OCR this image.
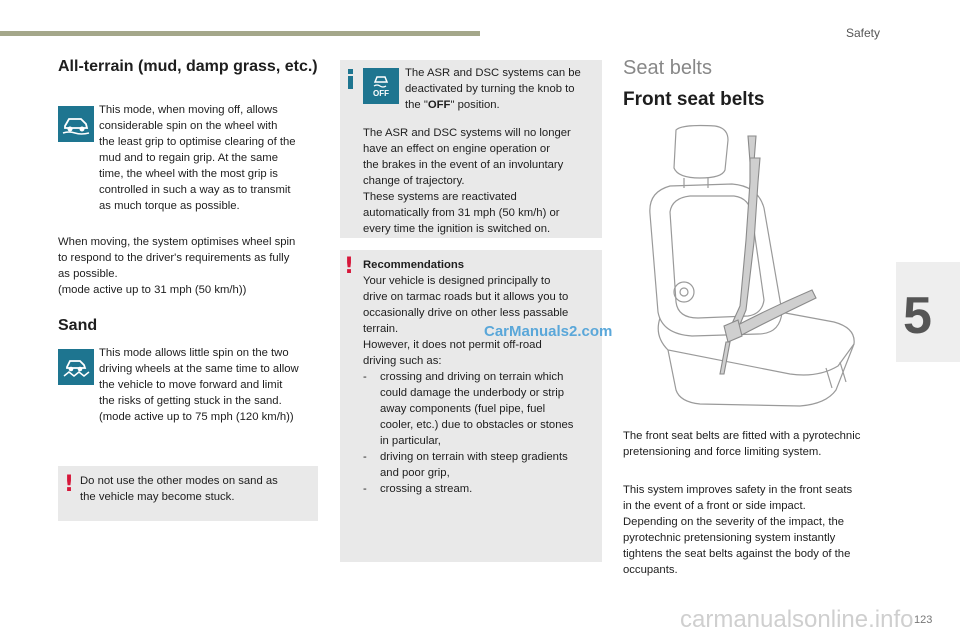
Safety
5
123
carmanualsonline.info
All-terrain (mud, damp grass, etc.)

This mode, when moving off, allows
considerable spin on the wheel with
the least grip to optimise clearing of the
mud and to regain grip. At the same
time, the wheel with the most grip is
controlled in such a way as to transmit
as much torque as possible.

When moving, the system optimises wheel spin
to respond to the driver's requirements as fully
as possible.
(mode active up to 31 mph (50 km/h))

Sand

This mode allows little spin on the two
driving wheels at the same time to allow
the vehicle to move forward and limit
the risks of getting stuck in the sand.
(mode active up to 75 mph (120 km/h))

! Do not use the other modes on sand as
the vehicle may become stuck.

OFF

The ASR and DSC systems can be
deactivated by turning the knob to
the "OFF" position.

The ASR and DSC systems will no longer
have an effect on engine operation or
the brakes in the event of an involuntary
change of trajectory.
These systems are reactivated
automatically from 31 mph (50 km/h) or
every time the ignition is switched on.

! Recommendations

Your vehicle is designed principally to
drive on tarmac roads but it allows you to
occasionally drive on other less passable
terrain.
However, it does not permit off-road
driving such as:

- crossing and driving on terrain which
could damage the underbody or strip
away components (fuel pipe, fuel
cooler, etc.) due to obstacles or stones
in particular,
- driving on terrain with steep gradients
and poor grip,
- crossing a stream.
CarManuals2.com
Seat belts
Front seat belts

The front seat belts are fitted with a pyrotechnic
pretensioning and force limiting system.

This system improves safety in the front seats
in the event of a front or side impact.
Depending on the severity of the impact, the
pyrotechnic pretensioning system instantly
tightens the seat belts against the body of the
occupants.
